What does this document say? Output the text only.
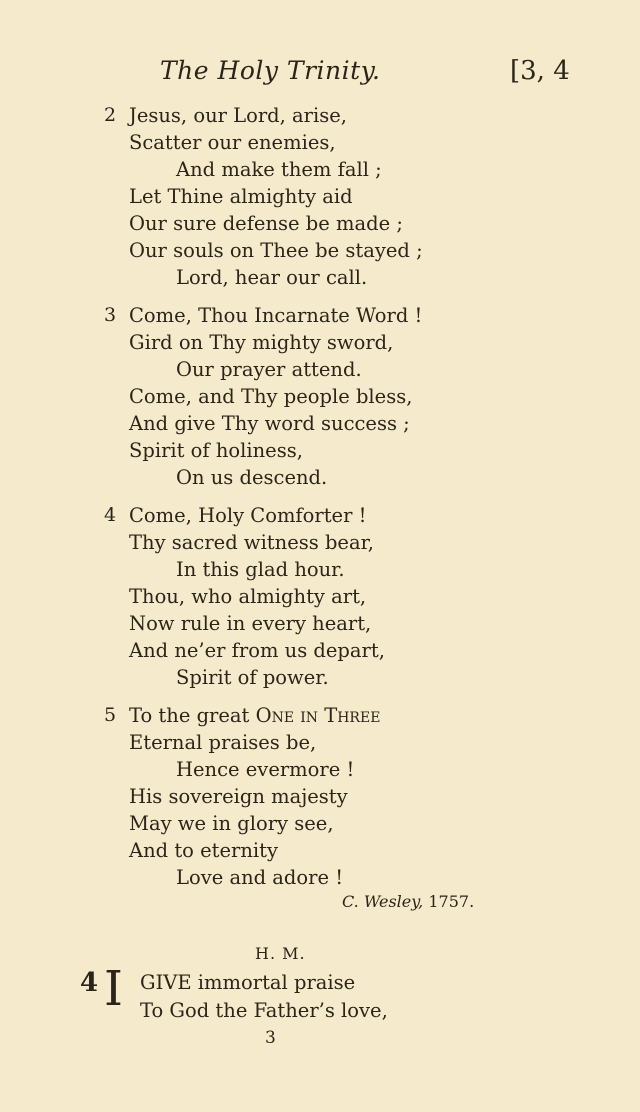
The Holy Trinity.	[3, 4
2 Jesus, our Lord, arise,
Scatter our enemies,
And make them fall ;
Let Thine almighty aid
Our sure defense be made ;
Our souls on Thee be stayed ;
Lord, hear our call.
3 Come, Thou Incarnate Word !
Gird on Thy mighty sword,
Our prayer attend.
Come, and Thy people bless,
And give Thy word success ;
Spirit of holiness,
On us descend.
4 Come, Holy Comforter !
Thy sacred witness bear,
In this glad hour.
Thou, who almighty art,
Now rule in every heart,
And ne’er from us depart,
Spirit of power.
5 To the great One in Three
Eternal praises be,
Hence evermore !
His sovereign majesty
May we in glory see,
And to eternity
Love and adore !
C. Wesley, 1757.
H. M.
4 I GIVE immortal praise
To God the Father’s love,
3
